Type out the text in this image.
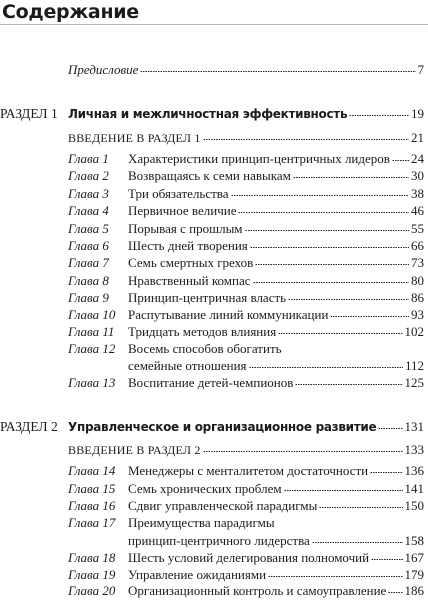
Содержание
Предисловие	7
РАЗДЕЛ 1 Личная и межличностная эффективность	19
ВВЕДЕНИЕ В РАЗДЕЛ 1	21
Глава 1 Характеристики принцип-центричных лидеров 24
Глава 2 Возвращаясь к семи навыкам	30
Глава 3 Три обязательства	38
Глава 4 Первичное величие	46
Глава 5 Порывая с прошлым	55
Глава 6 Шесть дней творения	66
Глава 7 Семь смертных грехов	73
Глава 8 Нравственный компас	80
Глава 9 Принцип-центричная власть	86
Глава 10 Распутывание линий коммуникации	93
Глава 11 Тридцать методов влияния	102
Глава 12 Восемь способов обогатить
семейные отношения	112
Глава 13 Воспитание детей-чемпионов	125
РАЗДЕЛ 2 Управленческое и организационное развитие 131
ВВЕДЕНИЕ В РАЗДЕЛ 2	133
Глава 14 Менеджеры с менталитетом достаточности	136
Глава 15 Семь хронических проблем	141
Глава 16 Сдвиг управленческой парадигмы	150
Глава 17 Преимущества парадигмы
принцип-центричного лидерства	158
Глава 18 Шесть условий делегирования полномочий	167
Глава 19 Управление ожиданиями	179
Глава 20 Организационный контроль и самоуправление 186
